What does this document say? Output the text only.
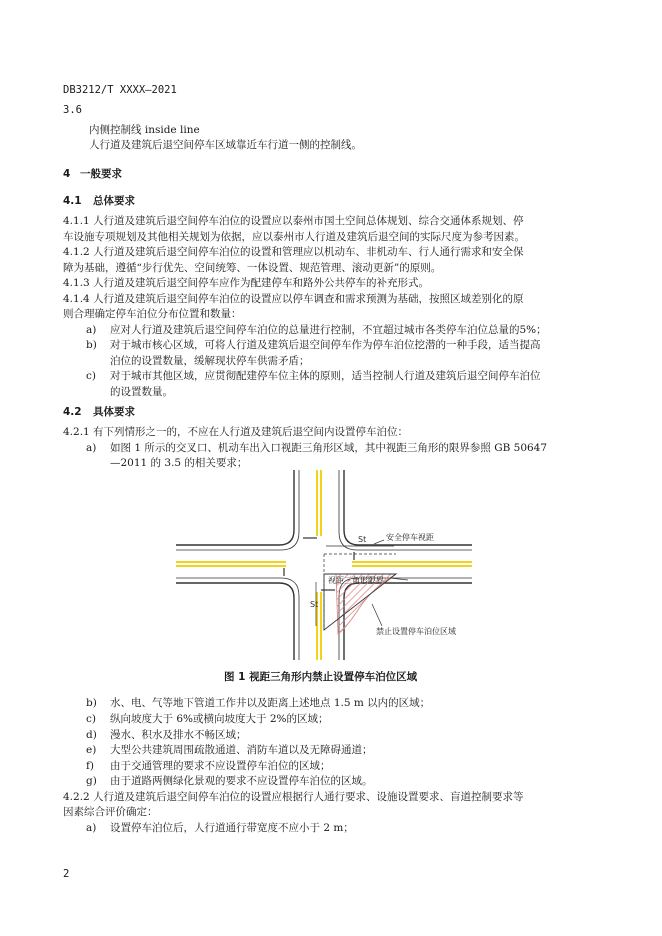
DB3212/T XXXX—2021
3.6
内侧控制线 inside line
人行道及建筑后退空间停车区域靠近车行道一侧的控制线。
4 一般要求
4.1 总体要求
4.1.1 人行道及建筑后退空间停车泊位的设置应以泰州市国土空间总体规划、综合交通体系规划、停
车设施专项规划及其他相关规划为依据，应以泰州市人行道及建筑后退空间的实际尺度为参考因素。
4.1.2 人行道及建筑后退空间停车泊位的设置和管理应以机动车、非机动车、行人通行需求和安全保
障为基础，遵循“步行优先、空间统筹、一体设置、规范管理、滚动更新”的原则。
4.1.3 人行道及建筑后退空间停车应作为配建停车和路外公共停车的补充形式。
4.1.4 人行道及建筑后退空间停车泊位的设置应以停车调查和需求预测为基础，按照区域差别化的原
则合理确定停车泊位分布位置和数量：
a) 应对人行道及建筑后退空间停车泊位的总量进行控制，不宜超过城市各类停车泊位总量的5%；
b) 对于城市核心区域，可将人行道及建筑后退空间停车作为停车泊位挖潜的一种手段，适当提高
泊位的设置数量，缓解现状停车供需矛盾；
c) 对于城市其他区域，应贯彻配建停车位主体的原则，适当控制人行道及建筑后退空间停车泊位
的设置数量。
4.2 具体要求
4.2.1 有下列情形之一的，不应在人行道及建筑后退空间内设置停车泊位：
a) 如图 1 所示的交叉口、机动车出入口视距三角形区域，其中视距三角形的限界参照 GB 50647
—2011 的 3.5 的相关要求；
St
St
安全停车视距
视距三角形限界
禁止设置停车泊位区域
图 1 视距三角形内禁止设置停车泊位区域
b) 水、电、气等地下管道工作井以及距离上述地点 1.5 m 以内的区域；
c) 纵向坡度大于 6%或横向坡度大于 2%的区域；
d) 漫水、积水及排水不畅区域；
e) 大型公共建筑周围疏散通道、消防车道以及无障碍通道；
f) 由于交通管理的要求不应设置停车泊位的区域；
g) 由于道路两侧绿化景观的要求不应设置停车泊位的区域。
4.2.2 人行道及建筑后退空间停车泊位的设置应根据行人通行要求、设施设置要求、盲道控制要求等
因素综合评价确定：
a) 设置停车泊位后，人行道通行带宽度不应小于 2 m；
2
